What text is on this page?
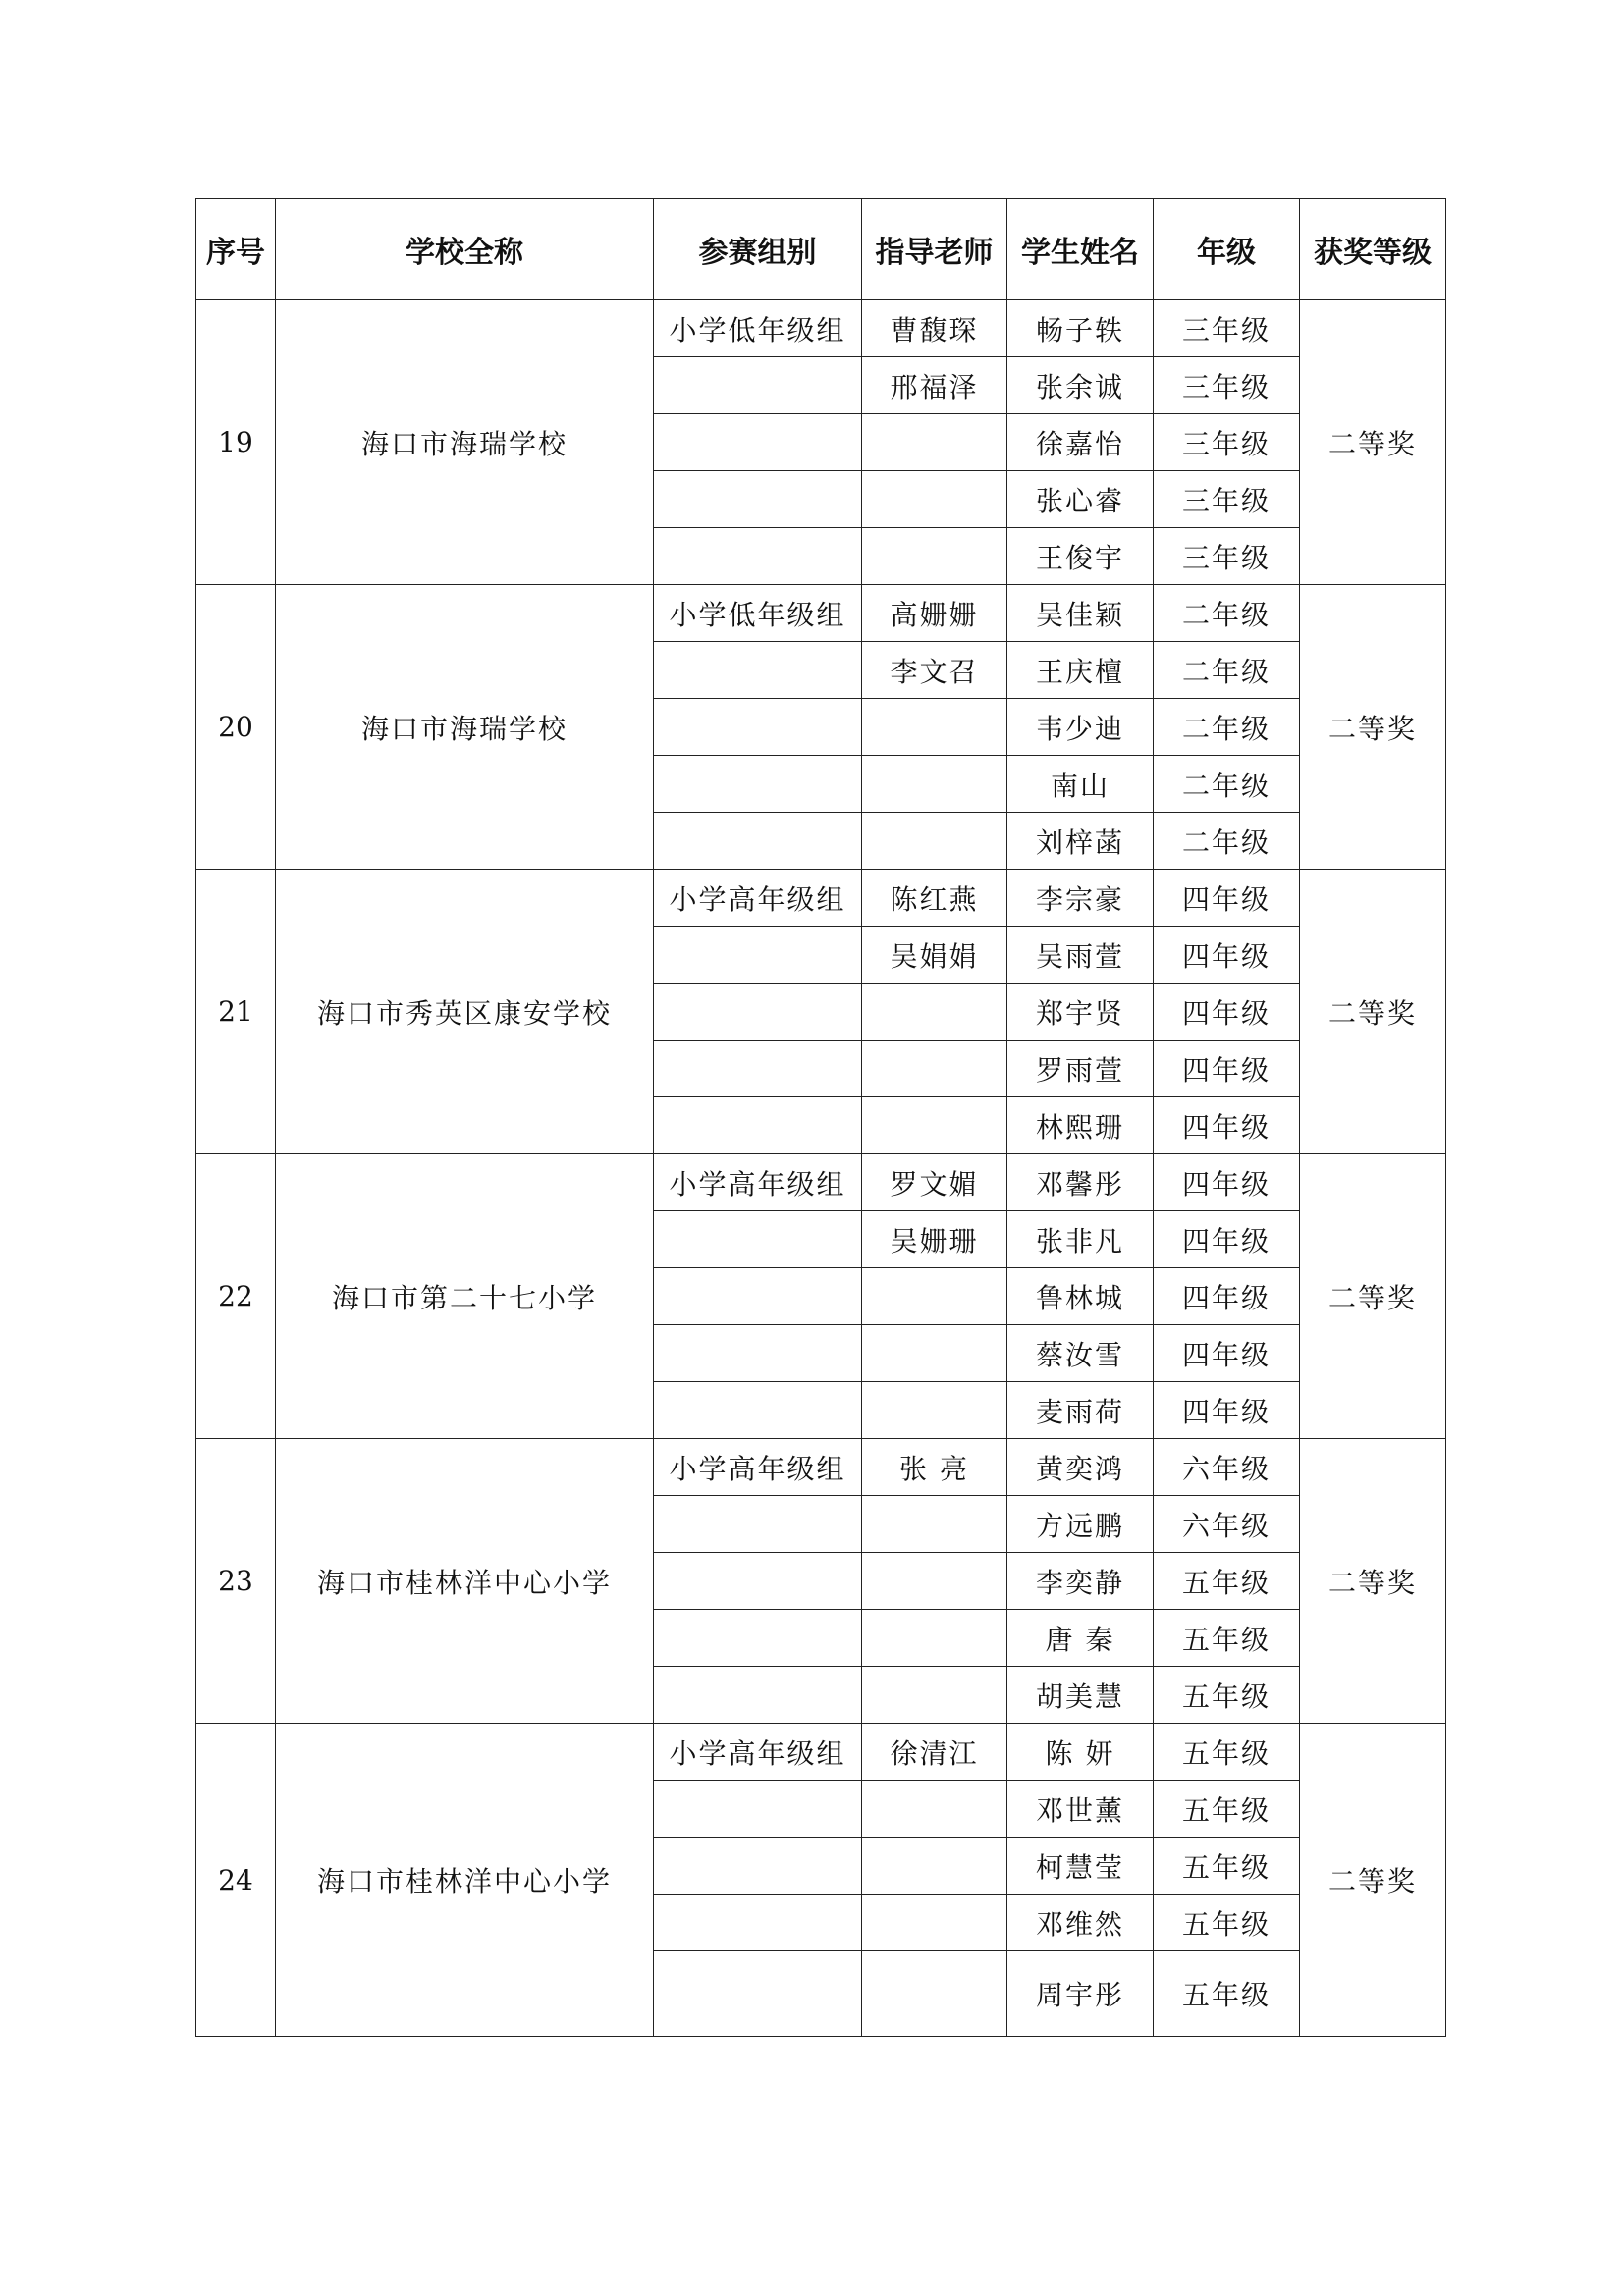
序号	学校全称	参赛组别	指导老师	学生姓名	年级	获奖等级
19	海口市海瑞学校	小学低年级组	曹馥琛	畅子轶	三年级	二等奖
			邢福泽	张余诚	三年级	
				徐嘉怡	三年级	
				张心睿	三年级	
				王俊宇	三年级	
20	海口市海瑞学校	小学低年级组	高姗姗	吴佳颖	二年级	二等奖
			李文召	王庆檀	二年级	
				韦少迪	二年级	
				南山	二年级	
				刘梓菡	二年级	
21	海口市秀英区康安学校	小学高年级组	陈红燕	李宗豪	四年级	二等奖
			吴娟娟	吴雨萱	四年级	
				郑宇贤	四年级	
				罗雨萱	四年级	
				林熙珊	四年级	
22	海口市第二十七小学	小学高年级组	罗文媚	邓馨彤	四年级	二等奖
			吴姗珊	张非凡	四年级	
				鲁林城	四年级	
				蔡汝雪	四年级	
				麦雨荷	四年级	
23	海口市桂林洋中心小学	小学高年级组	张 亮	黄奕鸿	六年级	二等奖
				方远鹏	六年级	
				李奕静	五年级	
				唐 秦	五年级	
				胡美慧	五年级	
24	海口市桂林洋中心小学	小学高年级组	徐清江	陈 妍	五年级	二等奖
				邓世薰	五年级	
				柯慧莹	五年级	
				邓维然	五年级	
				周宇彤	五年级	
